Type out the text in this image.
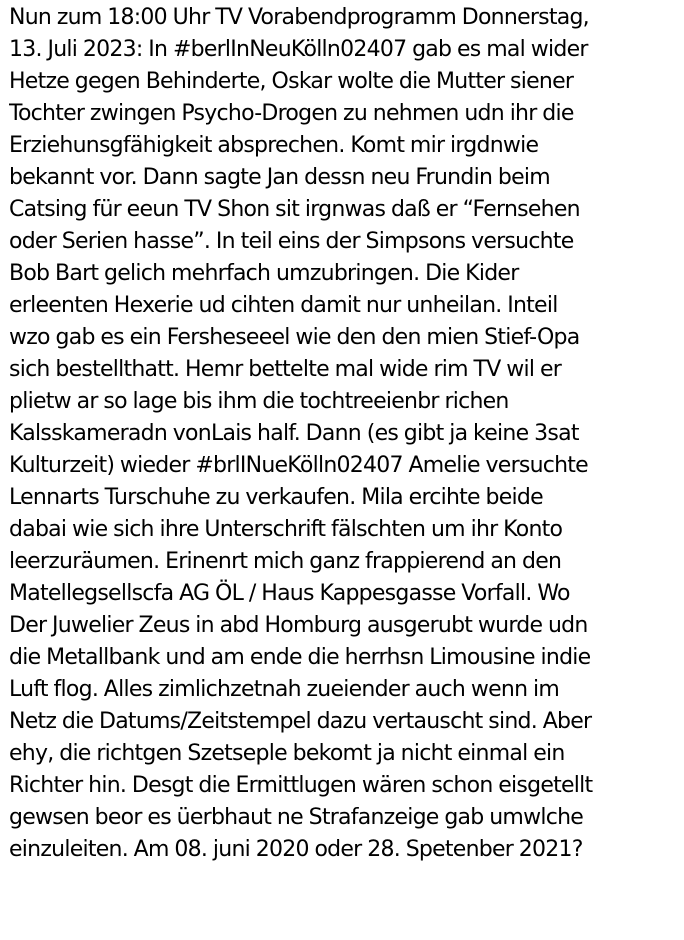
Nun zum 18:00 Uhr TV Vorabendprogramm Donnerstag,
13. Juli 2023: In #berlInNeuKölln02407 gab es mal wider
Hetze gegen Behinderte, Oskar wolte die Mutter siener
Tochter zwingen Psycho-Drogen zu nehmen udn ihr die
Erziehunsgfähigkeit absprechen. Komt mir irgdnwie
bekannt vor. Dann sagte Jan dessn neu Frundin beim
Catsing für eeun TV Shon sit irgnwas daß er “Fernsehen
oder Serien hasse”. In teil eins der Simpsons versuchte
Bob Bart gelich mehrfach umzubringen. Die Kider
erleenten Hexerie ud cihten damit nur unheilan. Inteil
wzo gab es ein Fersheseeel wie den den mien Stief-Opa
sich bestellthatt. Hemr bettelte mal wide rim TV wil er
plietw ar so lage bis ihm die tochtreeienbr richen
Kalsskameradn vonLais half. Dann (es gibt ja keine 3sat
Kulturzeit) wieder #brlINueKölln02407 Amelie versuchte
Lennarts Turschuhe zu verkaufen. Mila ercihte beide
dabai wie sich ihre Unterschrift fälschten um ihr Konto
leerzuräumen. Erinenrt mich ganz frappierend an den
Matellegsellscfa AG ÖL / Haus Kappesgasse Vorfall. Wo
Der Juwelier Zeus in abd Homburg ausgerubt wurde udn
die Metallbank und am ende die herrhsn Limousine indie
Luft flog. Alles zimlichzetnah zueiender auch wenn im
Netz die Datums/Zeitstempel dazu vertauscht sind. Aber
ehy, die richtgen Szetseple bekomt ja nicht einmal ein
Richter hin. Desgt die Ermittlugen wären schon eisgetellt
gewsen beor es üerbhaut ne Strafanzeige gab umwlche
einzuleiten. Am 08. juni 2020 oder 28. Spetenber 2021?
